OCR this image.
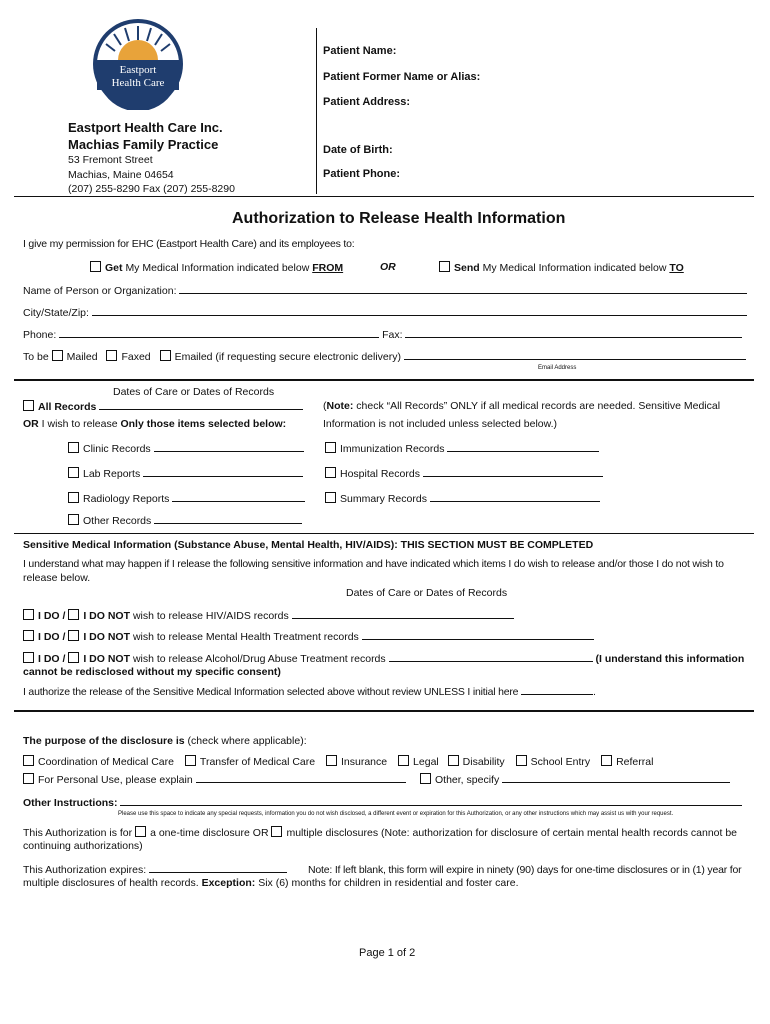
Eastport
Health Care
Eastport Health Care Inc.
Machias Family Practice
53 Fremont Street
Machias, Maine 04654
(207) 255-8290 Fax (207) 255-8290
Patient Name:
Patient Former Name or Alias:
Patient Address:
Date of Birth:
Patient Phone:
Authorization to Release Health Information
I give my permission for EHC (Eastport Health Care) and its employees to:
Get My Medical Information indicated below FROM	OR	Send My Medical Information indicated below TO
Name of Person or Organization:
City/State/Zip:
Phone:	Fax:
To be Mailed Faxed Emailed (if requesting secure electronic delivery)
Email Address
Dates of Care or Dates of Records
All Records
OR I wish to release Only those items selected below:
(Note: check “All Records” ONLY if all medical records are needed. Sensitive Medical
Information is not included unless selected below.)
Clinic Records
Lab Reports
Radiology Reports
Other Records
Immunization Records
Hospital Records
Summary Records
Sensitive Medical Information (Substance Abuse, Mental Health, HIV/AIDS): THIS SECTION MUST BE COMPLETED
I understand what may happen if I release the following sensitive information and have indicated which items I do wish to release and/or those I do not wish to
release below.
Dates of Care or Dates of Records
I DO / I DO NOT wish to release HIV/AIDS records
I DO / I DO NOT wish to release Mental Health Treatment records
I DO / I DO NOT wish to release Alcohol/Drug Abuse Treatment records	(I understand this information
cannot be redisclosed without my specific consent)
I authorize the release of the Sensitive Medical Information selected above without review UNLESS I initial here	.
The purpose of the disclosure is (check where applicable):
Coordination of Medical Care Transfer of Medical Care Insurance Legal Disability School Entry Referral
For Personal Use, please explain	Other, specify
Other Instructions:
Please use this space to indicate any special requests, information you do not wish disclosed, a different event or expiration for this Authorization, or any other instructions which may assist us with your request.
This Authorization is for a one-time disclosure OR multiple disclosures (Note: authorization for disclosure of certain mental health records cannot be
continuing authorizations)
This Authorization expires:	Note: If left blank, this form will expire in ninety (90) days for one-time disclosures or in (1) year for
multiple disclosures of health records. Exception: Six (6) months for children in residential and foster care.
Page 1 of 2
